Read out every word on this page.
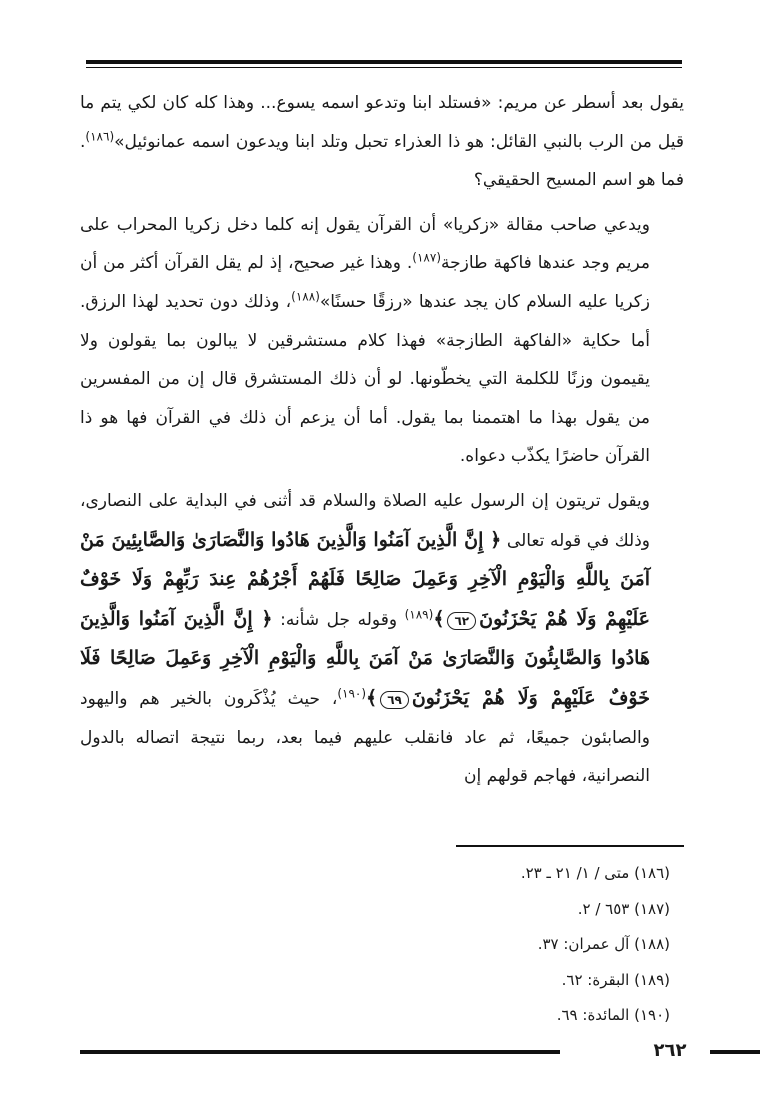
يقول بعد أسطر عن مريم: «فستلد ابنا وتدعو اسمه يسوع... وهذا كله كان لكي يتم ما قيل من الرب بالنبي القائل: هو ذا العذراء تحبل وتلد ابنا ويدعون اسمه عمانوئيل»$^{(١٨٦)}$. فما هو اسم المسيح الحقيقي؟

ويدعي صاحب مقالة «زكريا» أن القرآن يقول إنه كلما دخل زكريا المحراب على مريم وجد عندها فاكهة طازجة$^{(١٨٧)}$. وهذا غير صحيح، إذ لم يقل القرآن أكثر من أن زكريا عليه السلام كان يجد عندها «رزقًا حسنًا»$^{(١٨٨)}$، وذلك دون تحديد لهذا الرزق. أما حكاية «الفاكهة الطازجة» فهذا كلام مستشرقين لا يبالون بما يقولون ولا يقيمون وزنًا للكلمة التي يخطّونها. لو أن ذلك المستشرق قال إن من المفسرين من يقول بهذا ما اهتممنا بما يقول. أما أن يزعم أن ذلك في القرآن فها هو ذا القرآن حاضرًا يكذّب دعواه.

ويقول تريتون إن الرسول عليه الصلاة والسلام قد أثنى في البداية على النصارى، وذلك في قوله تعالى ﴿ إِنَّ الَّذِينَ آمَنُوا وَالَّذِينَ هَادُوا وَالنَّصَارَىٰ وَالصَّابِئِينَ مَنْ آمَنَ بِاللَّهِ وَالْيَوْمِ الْآخِرِ وَعَمِلَ صَالِحًا فَلَهُمْ أَجْرُهُمْ عِندَ رَبِّهِمْ وَلَا خَوْفٌ عَلَيْهِمْ وَلَا هُمْ يَحْزَنُونَ٦٢﴾$^{(١٨٩)}$ وقوله جل شأنه: ﴿ إِنَّ الَّذِينَ آمَنُوا وَالَّذِينَ هَادُوا وَالصَّابِئُونَ وَالنَّصَارَىٰ مَنْ آمَنَ بِاللَّهِ وَالْيَوْمِ الْآخِرِ وَعَمِلَ صَالِحًا فَلَا خَوْفٌ عَلَيْهِمْ وَلَا هُمْ يَحْزَنُونَ٦٩﴾$^{(١٩٠)}$، حيث يُذْكَرون بالخير هم واليهود والصابئون جميعًا، ثم عاد فانقلب عليهم فيما بعد، ربما نتيجة اتصاله بالدول النصرانية، فهاجم قولهم إن

(١٨٦) متى / ١/ ٢١ ـ ٢٣.
(١٨٧) ٦٥٣ / ٢.
(١٨٨) آل عمران: ٣٧.
(١٨٩) البقرة: ٦٢.
(١٩٠) المائدة: ٦٩.
٢٦٢
